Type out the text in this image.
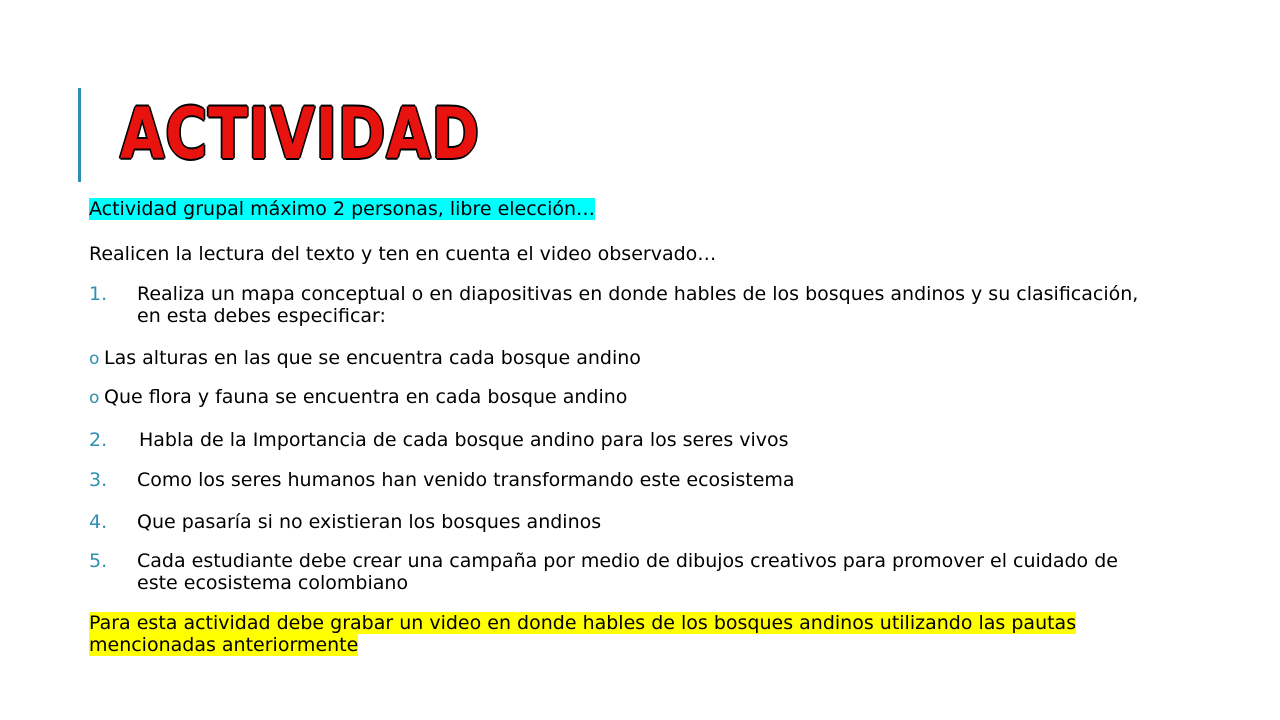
ACTIVIDAD

Actividad grupal máximo 2 personas, libre elección…

Realicen la lectura del texto y ten en cuenta el video observado…

1. Realiza un mapa conceptual o en diapositivas en donde hables de los bosques andinos y su clasificación, en esta debes especificar:
o Las alturas en las que se encuentra cada bosque andino
o Que flora y fauna se encuentra en cada bosque andino
2. Habla de la Importancia de cada bosque andino para los seres vivos
3. Como los seres humanos han venido transformando este ecosistema
4. Que pasaría si no existieran los bosques andinos
5. Cada estudiante debe crear una campaña por medio de dibujos creativos para promover el cuidado de este ecosistema colombiano

Para esta actividad debe grabar un video en donde hables de los bosques andinos utilizando las pautas mencionadas anteriormente
